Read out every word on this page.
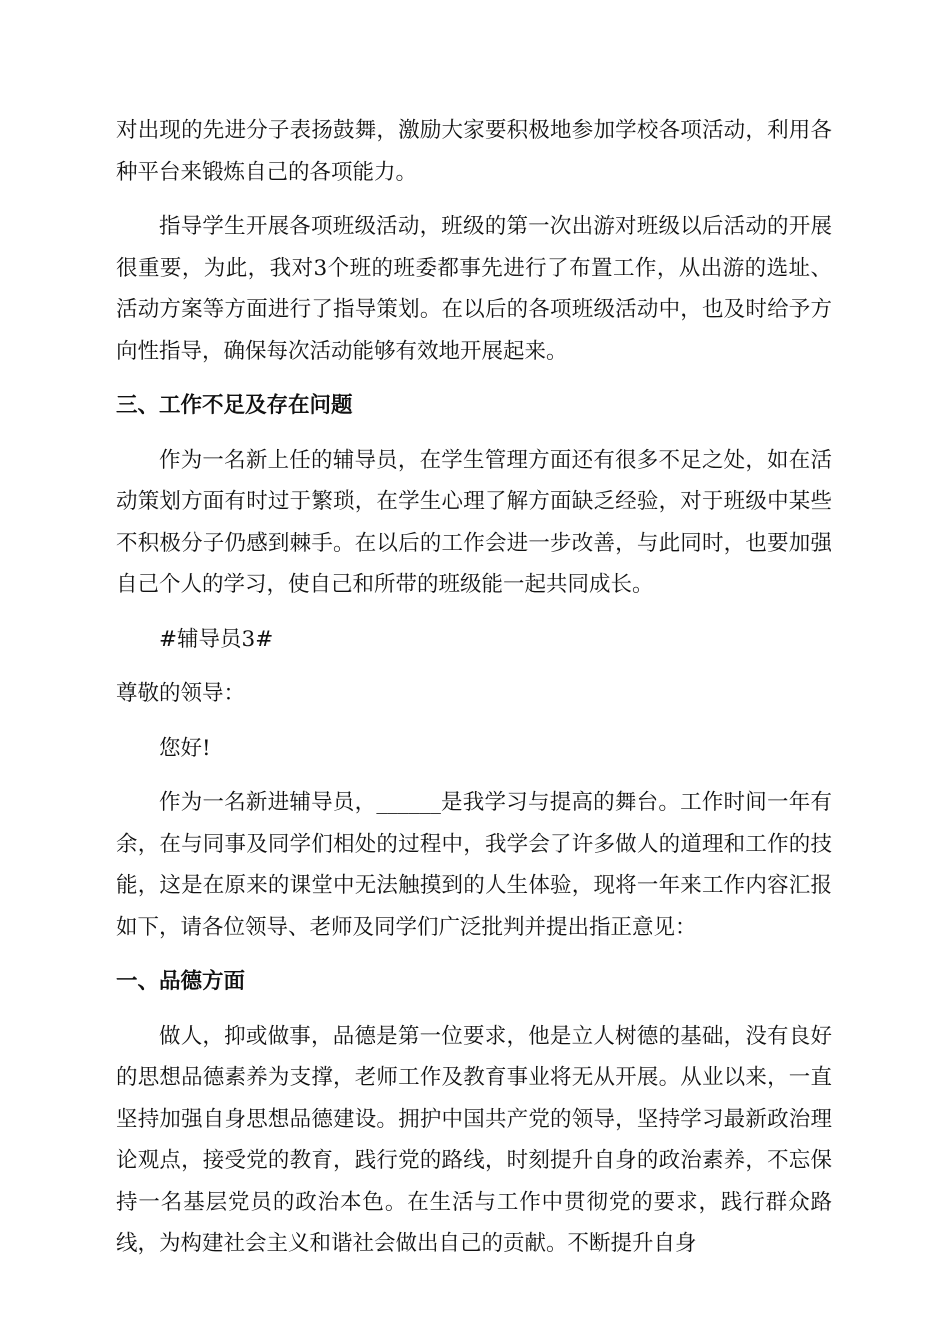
对出现的先进分子表扬鼓舞，激励大家要积极地参加学校各项活动，利用各种平台来锻炼自己的各项能力。

指导学生开展各项班级活动，班级的第一次出游对班级以后活动的开展很重要，为此，我对3个班的班委都事先进行了布置工作，从出游的选址、活动方案等方面进行了指导策划。在以后的各项班级活动中，也及时给予方向性指导，确保每次活动能够有效地开展起来。

三、工作不足及存在问题

作为一名新上任的辅导员，在学生管理方面还有很多不足之处，如在活动策划方面有时过于繁琐，在学生心理了解方面缺乏经验，对于班级中某些不积极分子仍感到棘手。在以后的工作会进一步改善，与此同时，也要加强自己个人的学习，使自己和所带的班级能一起共同成长。

#辅导员3#
尊敬的领导：
您好!

作为一名新进辅导员，______是我学习与提高的舞台。工作时间一年有余，在与同事及同学们相处的过程中，我学会了许多做人的道理和工作的技能，这是在原来的课堂中无法触摸到的人生体验，现将一年来工作内容汇报如下，请各位领导、老师及同学们广泛批判并提出指正意见：

一、品德方面

做人，抑或做事，品德是第一位要求，他是立人树德的基础，没有良好的思想品德素养为支撑，老师工作及教育事业将无从开展。从业以来，一直坚持加强自身思想品德建设。拥护中国共产党的领导，坚持学习最新政治理论观点，接受党的教育，践行党的路线，时刻提升自身的政治素养，不忘保持一名基层党员的政治本色。在生活与工作中贯彻党的要求，践行群众路线，为构建社会主义和谐社会做出自己的贡献。不断提升自身
